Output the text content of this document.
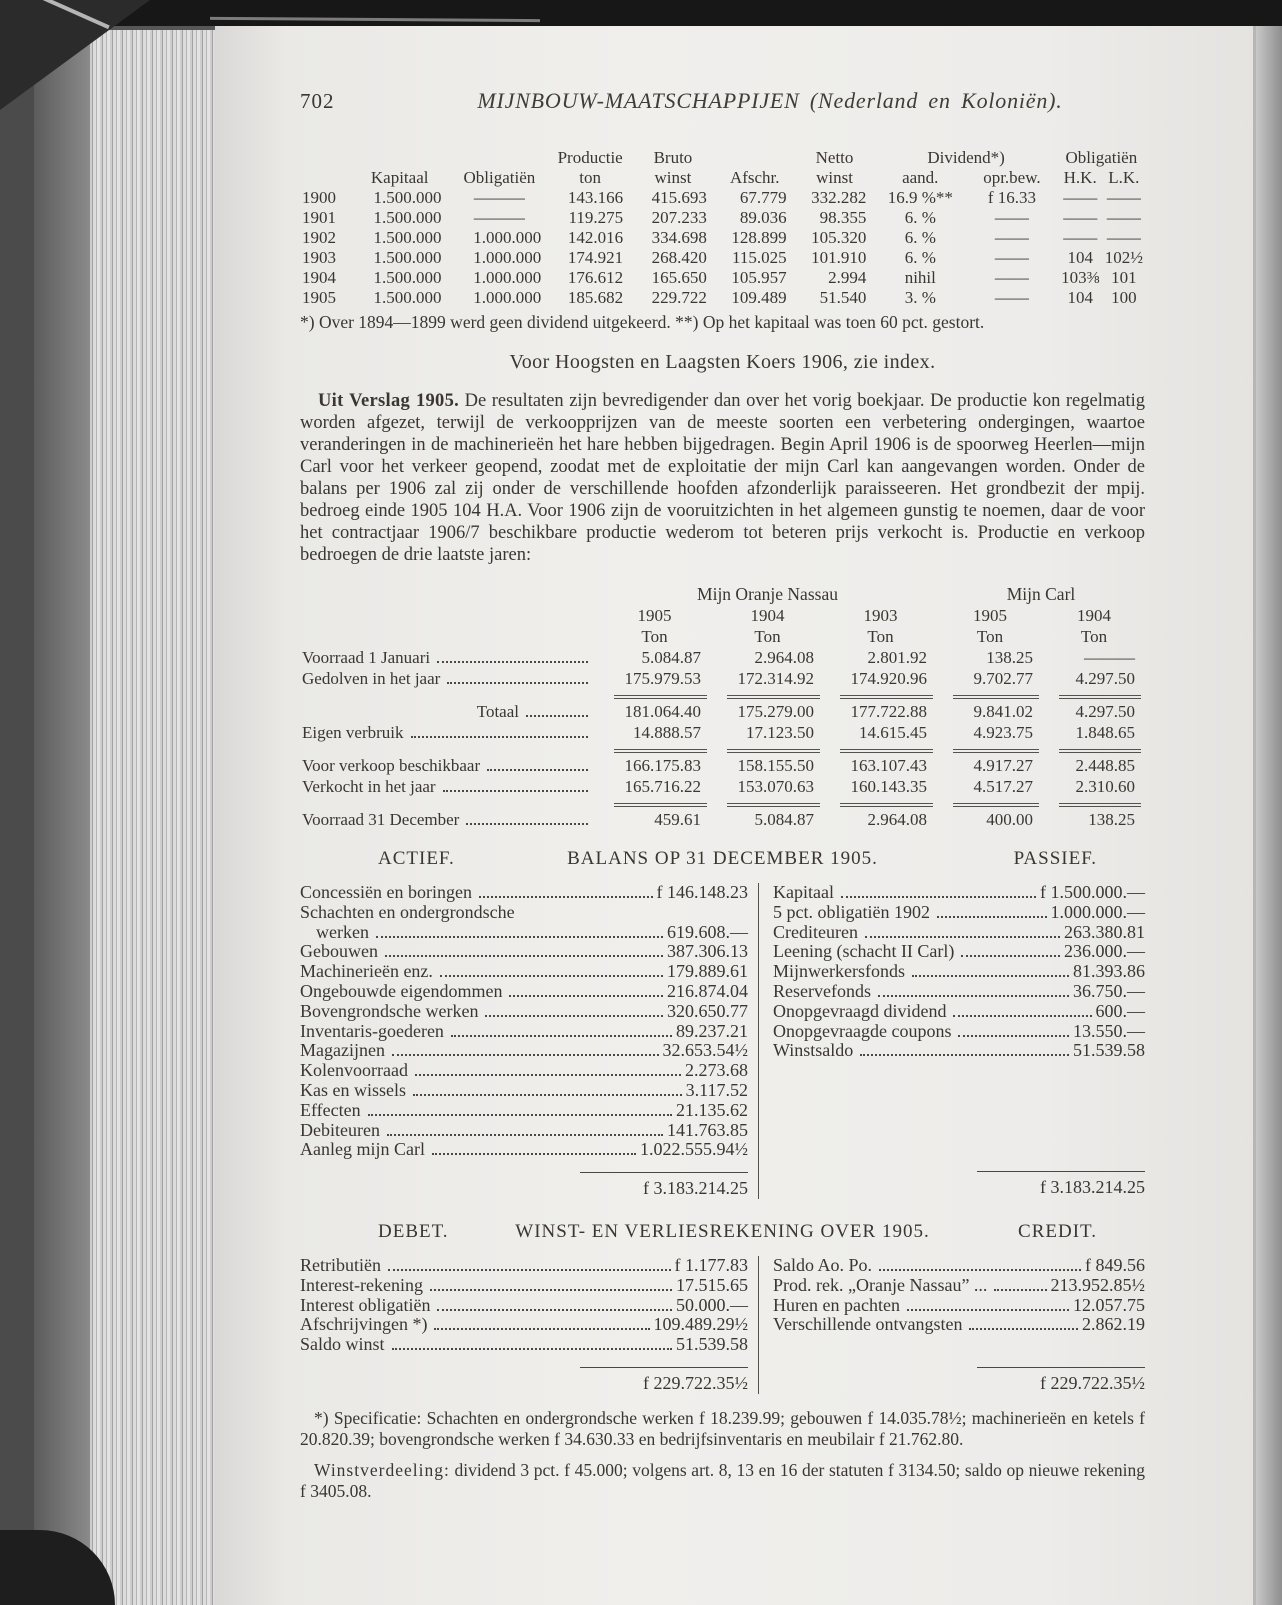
702	MIJNBOUW-MAATSCHAPPIJEN (Nederland en Koloniën).
			Productie	Bruto		Netto	Dividend*)		Obligatiën	
	Kapitaal	Obligatiën	ton	winst	Afschr.	winst	aand.	opr.bew.	H.K.	L.K.
1900	1.500.000	———	143.166	415.693	67.779	332.282	16.9 %**	f 16.33	——	——
1901	1.500.000	———	119.275	207.233	89.036	98.355	6. %	——	——	——
1902	1.500.000	1.000.000	142.016	334.698	128.899	105.320	6. %	——	——	——
1903	1.500.000	1.000.000	174.921	268.420	115.025	101.910	6. %	——	104	102½
1904	1.500.000	1.000.000	176.612	165.650	105.957	2.994	nihil	——	103⅜	101
1905	1.500.000	1.000.000	185.682	229.722	109.489	51.540	3. %	——	104	100

*) Over 1894—1899 werd geen dividend uitgekeerd. **) Op het kapitaal was toen 60 pct. gestort.

Voor Hoogsten en Laagsten Koers 1906, zie index.

Uit Verslag 1905. De resultaten zijn bevredigender dan over het vorig boekjaar. De productie kon regelmatig worden afgezet, terwijl de verkoopprijzen van de meeste soorten een verbetering ondergingen, waartoe veranderingen in de machinerieën het hare hebben bijgedragen. Begin April 1906 is de spoorweg Heerlen—mijn Carl voor het verkeer geopend, zoodat met de exploitatie der mijn Carl kan aangevangen worden. Onder de balans per 1906 zal zij onder de verschillende hoofden afzonderlijk paraisseeren. Het grondbezit der mpij. bedroeg einde 1905 104 H.A. Voor 1906 zijn de vooruitzichten in het algemeen gunstig te noemen, daar de voor het contractjaar 1906/7 beschikbare productie wederom tot beteren prijs verkocht is. Productie en verkoop bedroegen de drie laatste jaren:

	Mijn Oranje Nassau			Mijn Carl	
	1905	1904	1903	1905	1904
	Ton	Ton	Ton	Ton	Ton

Voorraad 1 Januari	5.084.87	2.964.08	2.801.92	138.25	———

Gedolven in het jaar	175.979.53	172.314.92	174.920.96	9.702.77	4.297.50

Totaal	181.064.40	175.279.00	177.722.88	9.841.02	4.297.50

Eigen verbruik	14.888.57	17.123.50	14.615.45	4.923.75	1.848.65

Voor verkoop beschikbaar	166.175.83	158.155.50	163.107.43	4.917.27	2.448.85

Verkocht in het jaar	165.716.22	153.070.63	160.143.35	4.517.27	2.310.60

Voorraad 31 December	459.61	5.084.87	2.964.08	400.00	138.25
ACTIEF.	BALANS OP 31 DECEMBER 1905.	PASSIEF.
Concessiën en boringen	f 146.148.23
Schachten en ondergrondsche
werken	619.608.—
Gebouwen	387.306.13
Machinerieën enz.	179.889.61
Ongebouwde eigendommen	216.874.04
Bovengrondsche werken	320.650.77
Inventaris-goederen	89.237.21
Magazijnen	32.653.54½
Kolenvoorraad	2.273.68
Kas en wissels	3.117.52
Effecten	21.135.62
Debiteuren	141.763.85
Aanleg mijn Carl	1.022.555.94½
f 3.183.214.25
Kapitaal	f 1.500.000.—
5 pct. obligatiën 1902	1.000.000.—
Crediteuren	263.380.81
Leening (schacht II Carl)	236.000.—
Mijnwerkersfonds	81.393.86
Reservefonds	36.750.—
Onopgevraagd dividend	600.—
Onopgevraagde coupons	13.550.—
Winstsaldo	51.539.58
f 3.183.214.25
DEBET.	WINST- EN VERLIESREKENING OVER 1905.	CREDIT.
Retributiën	f 1.177.83
Interest-rekening	17.515.65
Interest obligatiën	50.000.—
Afschrijvingen *)	109.489.29½
Saldo winst	51.539.58
f 229.722.35½
Saldo Ao. Po.	f 849.56
Prod. rek. „Oranje Nassau” ...	213.952.85½
Huren en pachten	12.057.75
Verschillende ontvangsten	2.862.19
f 229.722.35½

*) Specificatie: Schachten en ondergrondsche werken f 18.239.99; gebouwen f 14.035.78½; machinerieën en ketels f 20.820.39; bovengrondsche werken f 34.630.33 en bedrijfsinventaris en meubilair f 21.762.80.

Winstverdeeling: dividend 3 pct. f 45.000; volgens art. 8, 13 en 16 der statuten f 3134.50; saldo op nieuwe rekening f 3405.08.
